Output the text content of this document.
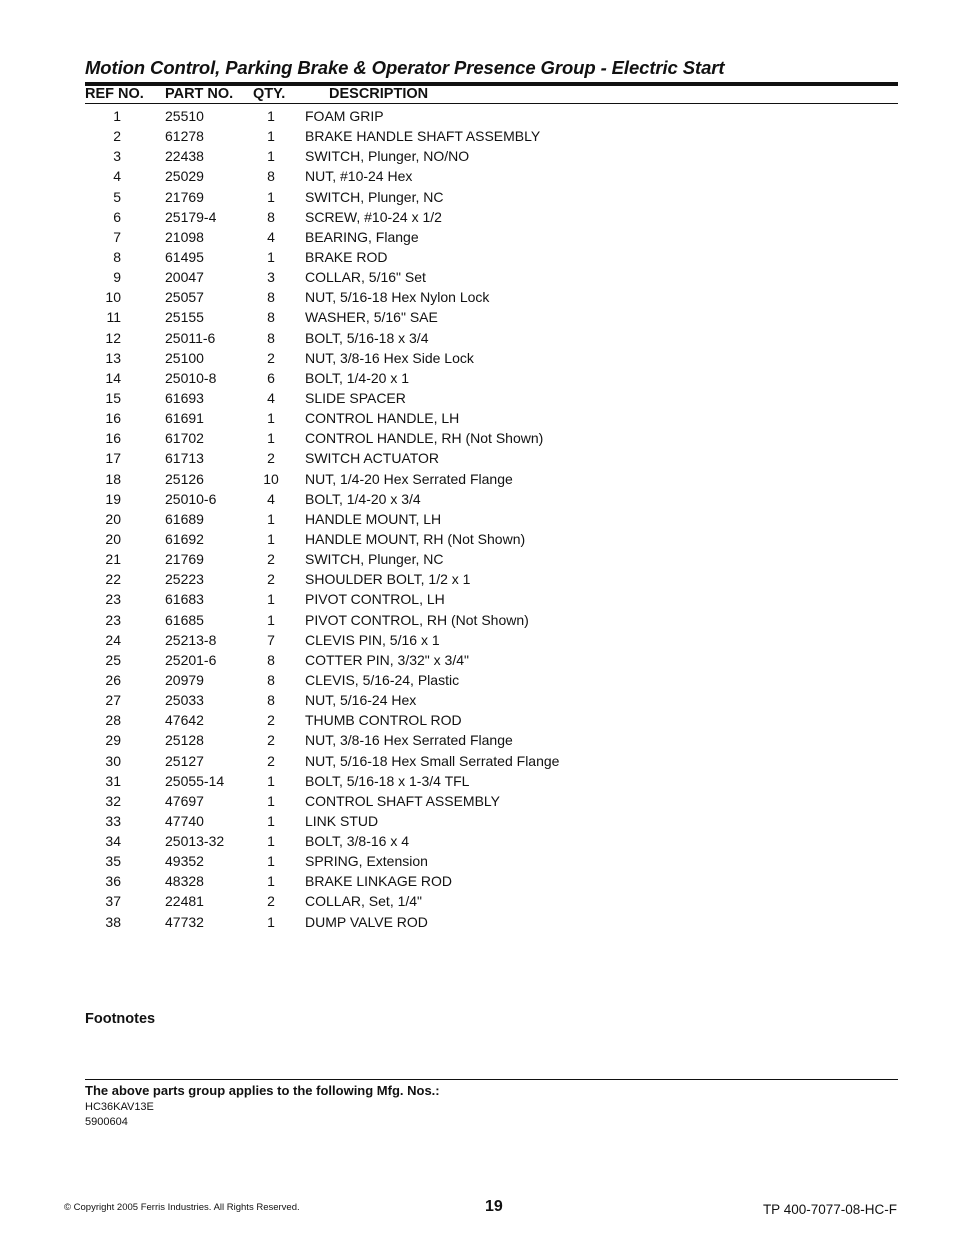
Motion Control, Parking Brake & Operator Presence Group - Electric Start
REF NO. PART NO. QTY.	DESCRIPTION
1	25510	1	FOAM GRIP
2	61278	1	BRAKE HANDLE SHAFT ASSEMBLY
3	22438	1	SWITCH, Plunger, NO/NO
4	25029	8	NUT, #10-24 Hex
5	21769	1	SWITCH, Plunger, NC
6	25179-4	8	SCREW, #10-24 x 1/2
7	21098	4	BEARING, Flange
8	61495	1	BRAKE ROD
9	20047	3	COLLAR, 5/16" Set
10	25057	8	NUT, 5/16-18 Hex Nylon Lock
11	25155	8	WASHER, 5/16" SAE
12	25011-6	8	BOLT, 5/16-18 x 3/4
13	25100	2	NUT, 3/8-16 Hex Side Lock
14	25010-8	6	BOLT, 1/4-20 x 1
15	61693	4	SLIDE SPACER
16	61691	1	CONTROL HANDLE, LH
16	61702	1	CONTROL HANDLE, RH (Not Shown)
17	61713	2	SWITCH ACTUATOR
18	25126	10 NUT, 1/4-20 Hex Serrated Flange
19	25010-6	4	BOLT, 1/4-20 x 3/4
20	61689	1	HANDLE MOUNT, LH
20	61692	1	HANDLE MOUNT, RH (Not Shown)
21	21769	2	SWITCH, Plunger, NC
22	25223	2	SHOULDER BOLT, 1/2 x 1
23	61683	1	PIVOT CONTROL, LH
23	61685	1	PIVOT CONTROL, RH (Not Shown)
24	25213-8	7	CLEVIS PIN, 5/16 x 1
25	25201-6	8	COTTER PIN, 3/32" x 3/4"
26	20979	8	CLEVIS, 5/16-24, Plastic
27	25033	8	NUT, 5/16-24 Hex
28	47642	2	THUMB CONTROL ROD
29	25128	2	NUT, 3/8-16 Hex Serrated Flange
30	25127	2	NUT, 5/16-18 Hex Small Serrated Flange
31	25055-14	1	BOLT, 5/16-18 x 1-3/4 TFL
32	47697	1	CONTROL SHAFT ASSEMBLY
33	47740	1	LINK STUD
34	25013-32	1	BOLT, 3/8-16 x 4
35	49352	1	SPRING, Extension
36	48328	1	BRAKE LINKAGE ROD
37	22481	2	COLLAR, Set, 1/4"
38	47732	1	DUMP VALVE ROD
Footnotes
The above parts group applies to the following Mfg. Nos.:
HC36KAV13E
5900604
© Copyright 2005 Ferris Industries. All Rights Reserved.	19	TP 400-7077-08-HC-F
